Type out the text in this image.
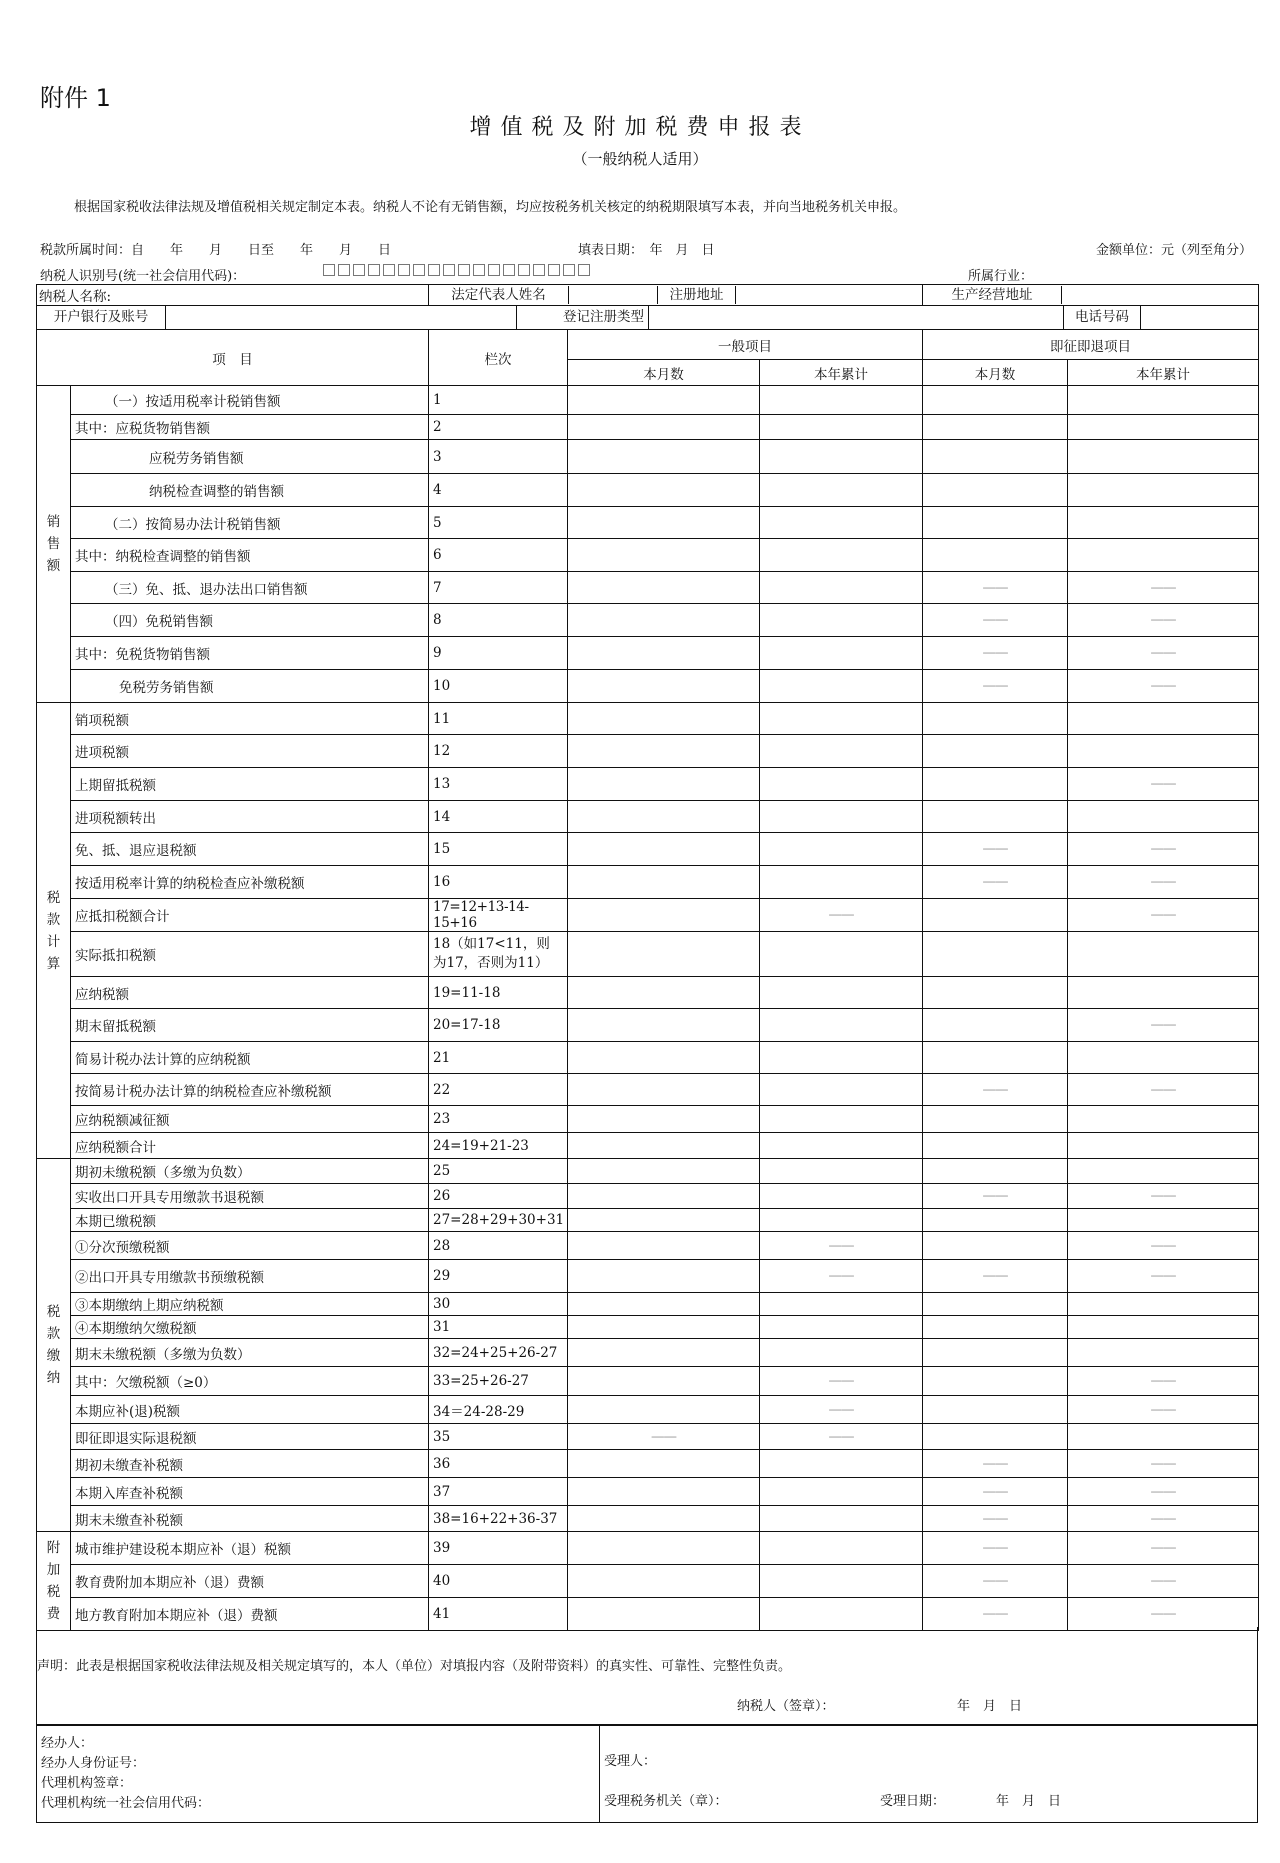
附件 1
增值税及附加税费申报表
（一般纳税人适用）
根据国家税收法律法规及增值税相关规定制定本表。纳税人不论有无销售额，均应按税务机关核定的纳税期限填写本表，并向当地税务机关申报。
税款所属时间：自　　年　　月　　日至　　年　　月　　日	填表日期：　年　月　日	金额单位：元（列至角分）
纳税人识别号(统一社会信用代码)：	所属行业：
纳税人名称:		法定代表人姓名 注册地址			生产经营地址	

开户银行及账号 登记注册类型 电话号码						

项　目		栏次	一般项目		即征即退项目	
			本月数	本年累计	本月数	本年累计

销
售
额	（一）按适用税率计税销售额	1				
	其中：应税货物销售额	2				
	应税劳务销售额	3				
	纳税检查调整的销售额	4				
	（二）按简易办法计税销售额	5				
	其中：纳税检查调整的销售额	6				
	（三）免、抵、退办法出口销售额	7			——	——
	（四）免税销售额	8			——	——
	其中：免税货物销售额	9			——	——
	免税劳务销售额	10			——	——

税
款
计
算	销项税额	11				
	进项税额	12				
	上期留抵税额	13				——
	进项税额转出	14				
	免、抵、退应退税额	15			——	——
	按适用税率计算的纳税检查应补缴税额	16			——	——
	应抵扣税额合计	17=12+13-14-15+16		——		——
	实际抵扣税额	18（如17<11，则为17，否则为11）				
	应纳税额	19=11-18				
	期末留抵税额	20=17-18				——
	简易计税办法计算的应纳税额	21				
	按简易计税办法计算的纳税检查应补缴税额	22			——	——
	应纳税额减征额	23				
	应纳税额合计	24=19+21-23				

税
款
缴
纳	期初未缴税额（多缴为负数）	25				
	实收出口开具专用缴款书退税额	26			——	——
	本期已缴税额	27=28+29+30+31				
	①分次预缴税额	28		——		——
	②出口开具专用缴款书预缴税额	29		——	——	——
	③本期缴纳上期应纳税额	30				
	④本期缴纳欠缴税额	31				
	期末未缴税额（多缴为负数）	32=24+25+26-27				
	其中：欠缴税额（≥0）	33=25+26-27		——		——
	本期应补(退)税额	34＝24-28-29		——		——
	即征即退实际退税额	35	——	——		
	期初未缴查补税额	36			——	——
	本期入库查补税额	37			——	——
	期末未缴查补税额	38=16+22+36-37			——	——

附
加
税
费	城市维护建设税本期应补（退）税额	39			——	——
	教育费附加本期应补（退）费额	40			——	——
	地方教育附加本期应补（退）费额	41			——	——
声明：此表是根据国家税收法律法规及相关规定填写的，本人（单位）对填报内容（及附带资料）的真实性、可靠性、完整性负责。
纳税人（签章）：	年　月　日
经办人：
经办人身份证号：
代理机构签章：
代理机构统一社会信用代码：
受理人：
受理税务机关（章）：	受理日期：	年　月　日
